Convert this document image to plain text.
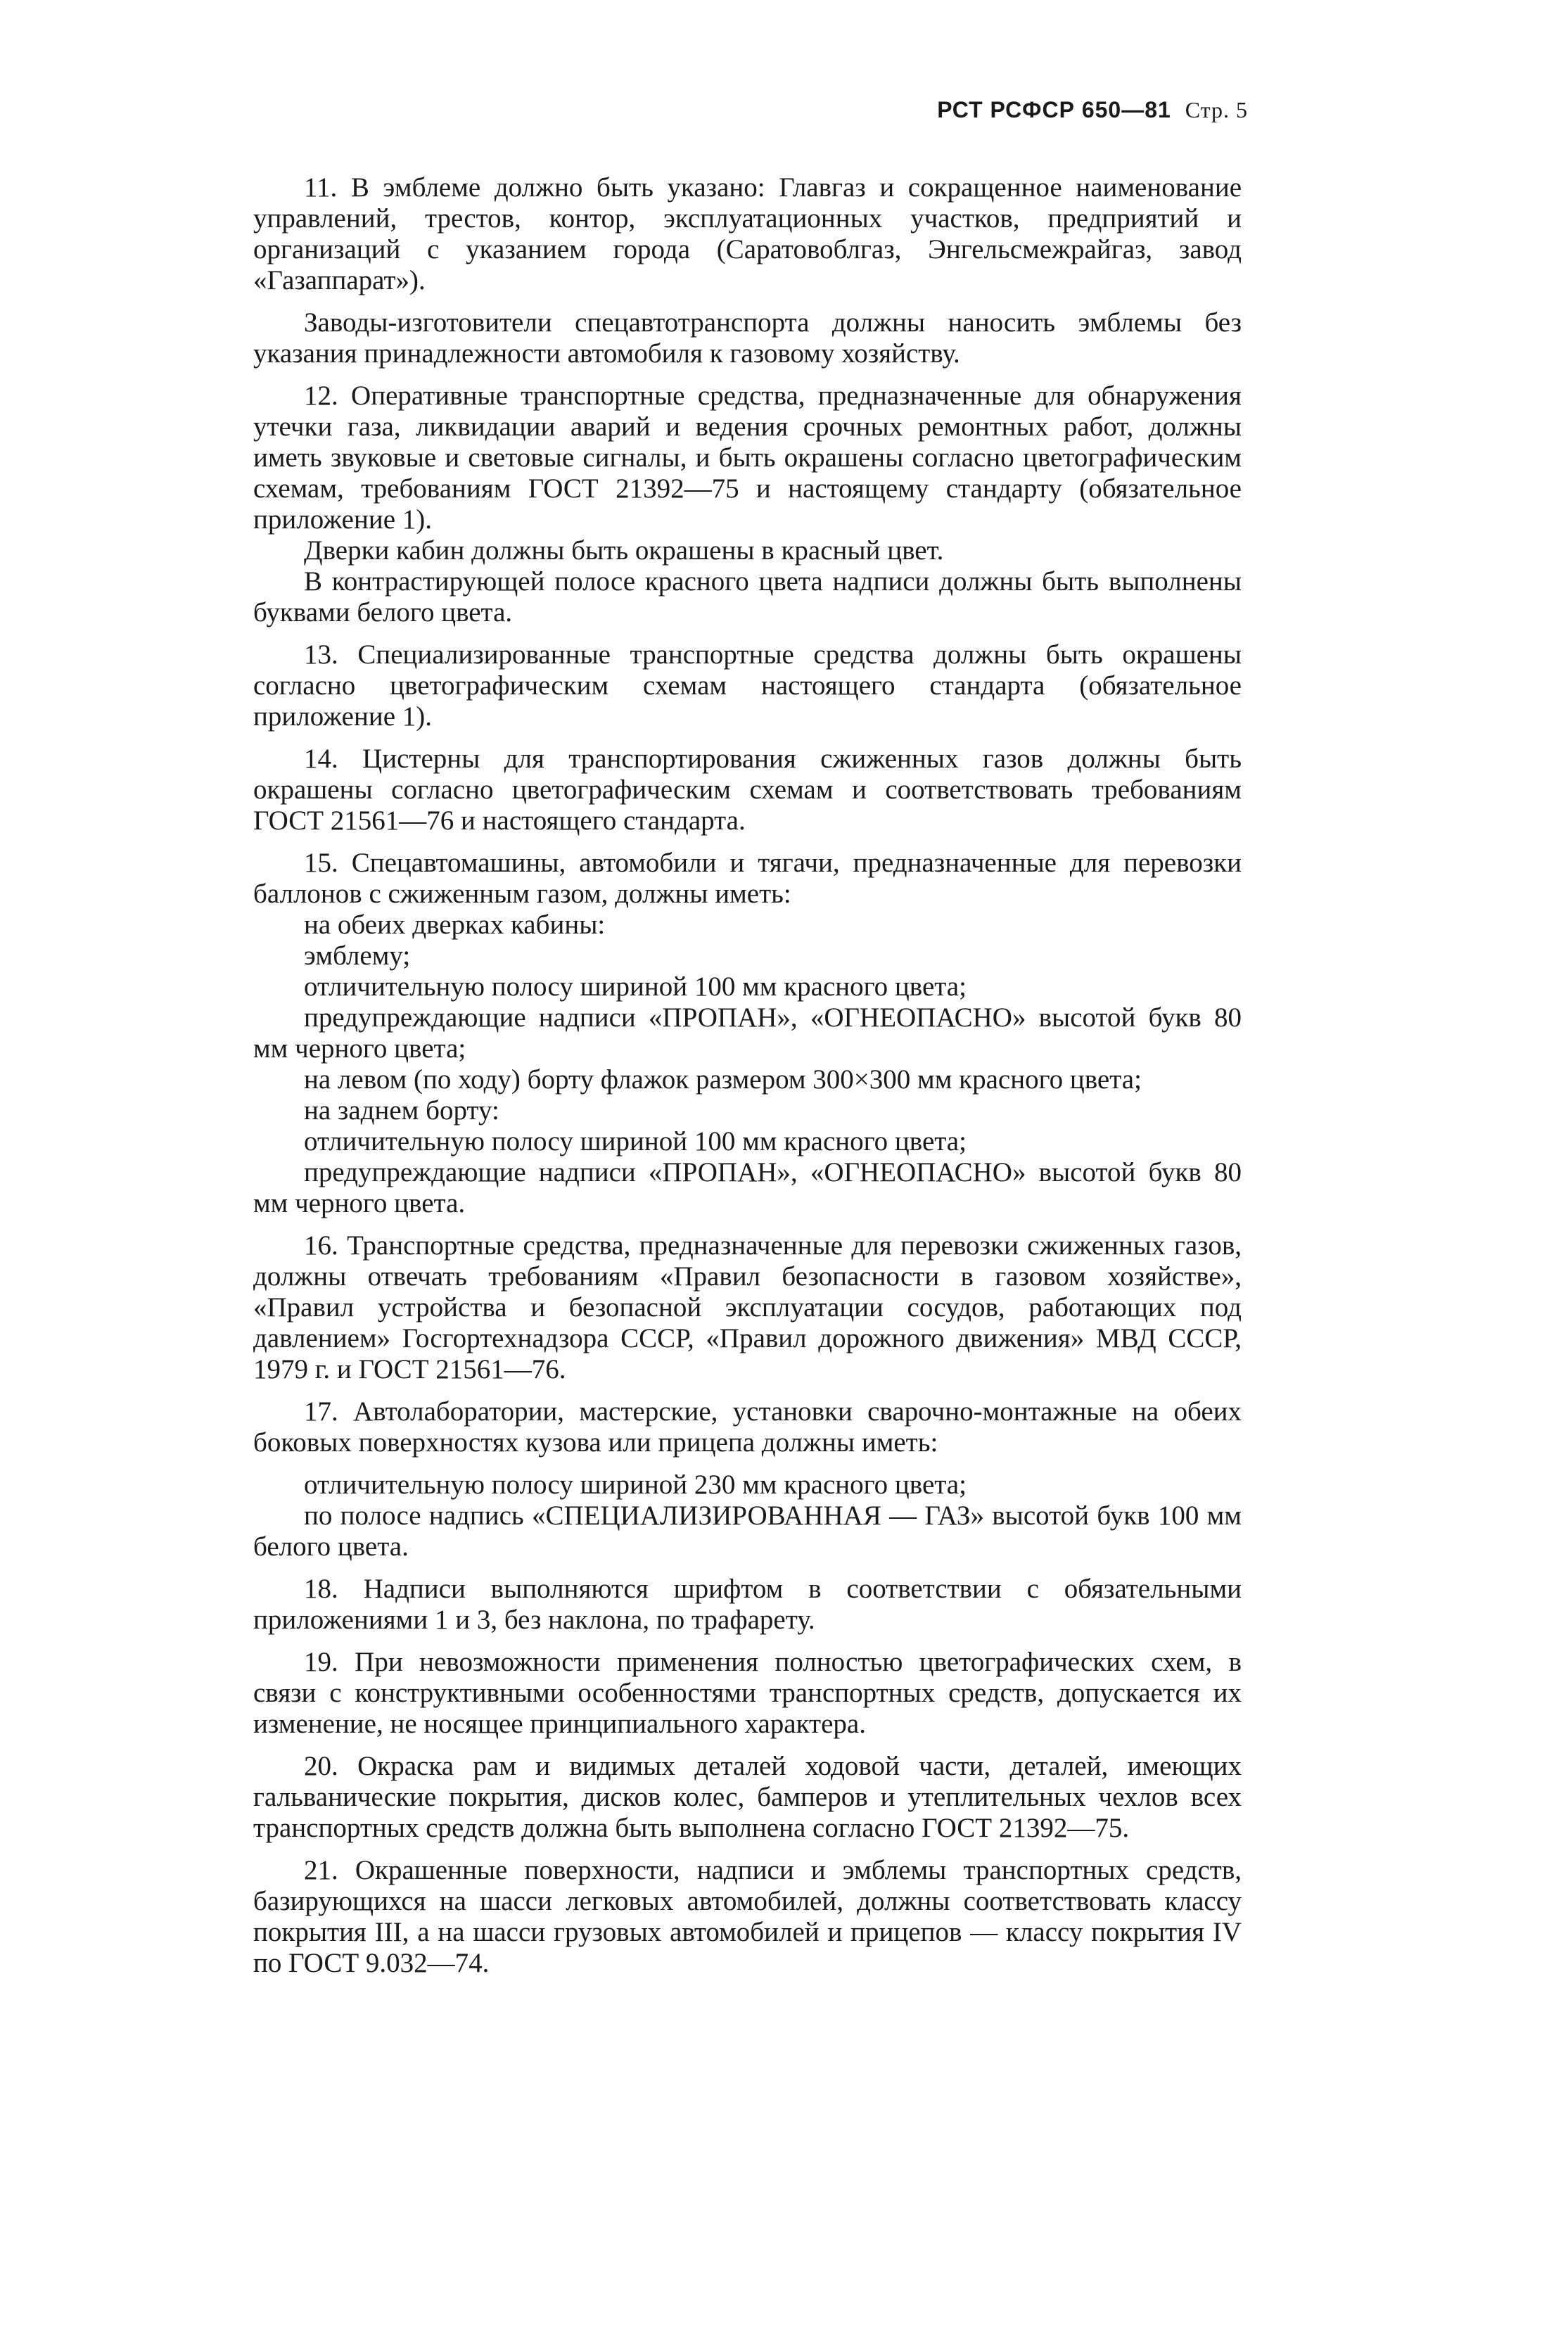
РСТ РСФСР 650—81 Стр. 5

11. В эмблеме должно быть указано: Главгаз и сокращенное наименование управлений, трестов, контор, эксплуатационных участков, предприятий и организаций с указанием города (Саратовоблгаз, Энгельсмежрайгаз, завод «Газаппарат»).

Заводы-изготовители спецавтотранспорта должны наносить эмблемы без указания принадлежности автомобиля к газовому хозяйству.

12. Оперативные транспортные средства, предназначенные для обнаружения утечки газа, ликвидации аварий и ведения срочных ремонтных работ, должны иметь звуковые и световые сигналы, и быть окрашены согласно цветографическим схемам, требованиям ГОСТ 21392—75 и настоящему стандарту (обязательное приложение 1).

Дверки кабин должны быть окрашены в красный цвет.

В контрастирующей полосе красного цвета надписи должны быть выполнены буквами белого цвета.

13. Специализированные транспортные средства должны быть окрашены согласно цветографическим схемам настоящего стандарта (обязательное приложение 1).

14. Цистерны для транспортирования сжиженных газов должны быть окрашены согласно цветографическим схемам и соответствовать требованиям ГОСТ 21561—76 и настоящего стандарта.

15. Спецавтомашины, автомобили и тягачи, предназначенные для перевозки баллонов с сжиженным газом, должны иметь:

на обеих дверках кабины:

эмблему;

отличительную полосу шириной 100 мм красного цвета;

предупреждающие надписи «ПРОПАН», «ОГНЕОПАСНО» высотой букв 80 мм черного цвета;

на левом (по ходу) борту флажок размером 300×300 мм красного цвета;

на заднем борту:

отличительную полосу шириной 100 мм красного цвета;

предупреждающие надписи «ПРОПАН», «ОГНЕОПАСНО» высотой букв 80 мм черного цвета.

16. Транспортные средства, предназначенные для перевозки сжиженных газов, должны отвечать требованиям «Правил безопасности в газовом хозяйстве», «Правил устройства и безопасной эксплуатации сосудов, работающих под давлением» Госгортехнадзора СССР, «Правил дорожного движения» МВД СССР, 1979 г. и ГОСТ 21561—76.

17. Автолаборатории, мастерские, установки сварочно-монтажные на обеих боковых поверхностях кузова или прицепа должны иметь:

отличительную полосу шириной 230 мм красного цвета;

по полосе надпись «СПЕЦИАЛИЗИРОВАННАЯ — ГАЗ» высотой букв 100 мм белого цвета.

18. Надписи выполняются шрифтом в соответствии с обязательными приложениями 1 и 3, без наклона, по трафарету.

19. При невозможности применения полностью цветографических схем, в связи с конструктивными особенностями транспортных средств, допускается их изменение, не носящее принципиального характера.

20. Окраска рам и видимых деталей ходовой части, деталей, имеющих гальванические покрытия, дисков колес, бамперов и утеплительных чехлов всех транспортных средств должна быть выполнена согласно ГОСТ 21392—75.

21. Окрашенные поверхности, надписи и эмблемы транспортных средств, базирующихся на шасси легковых автомобилей, должны соответствовать классу покрытия III, а на шасси грузовых автомобилей и прицепов — классу покрытия IV по ГОСТ 9.032—74.
